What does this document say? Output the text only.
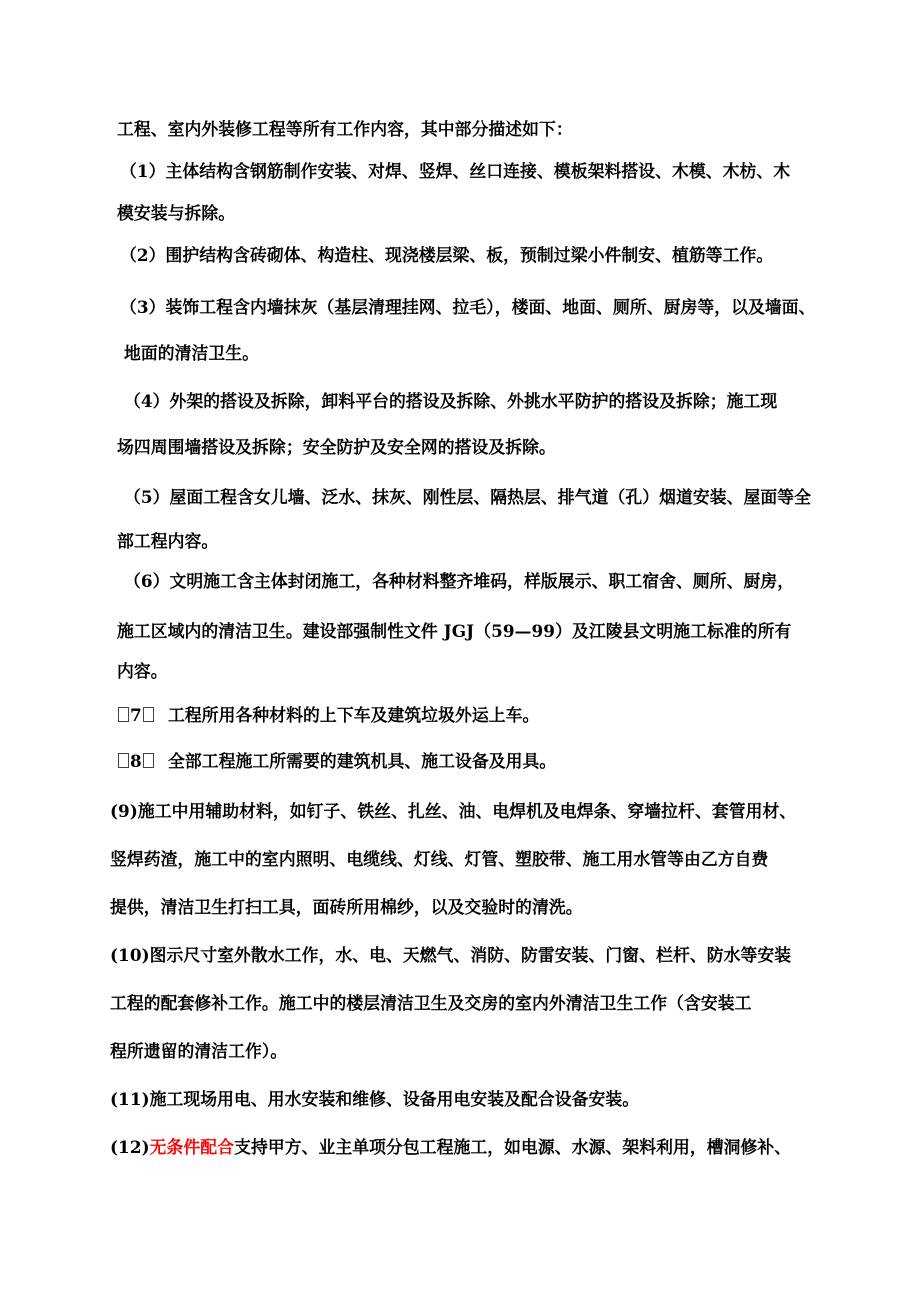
工程、室内外装修工程等所有工作内容，其中部分描述如下：
（1）主体结构含钢筋制作安装、对焊、竖焊、丝口连接、模板架料搭设、木模、木枋、木
模安装与拆除。
（2）围护结构含砖砌体、构造柱、现浇楼层梁、板，预制过梁小件制安、植筋等工作。
（3）装饰工程含内墙抹灰（基层清理挂网、拉毛），楼面、地面、厕所、厨房等，以及墙面、
地面的清洁卫生。
（4）外架的搭设及拆除，卸料平台的搭设及拆除、外挑水平防护的搭设及拆除；施工现
场四周围墙搭设及拆除；安全防护及安全网的搭设及拆除。
（5）屋面工程含女儿墙、泛水、抹灰、刚性层、隔热层、排气道（孔）烟道安装、屋面等全
部工程内容。
（6）文明施工含主体封闭施工，各种材料整齐堆码，样版展示、职工宿舍、厕所、厨房，
施工区域内的清洁卫生。建设部强制性文件 JGJ（59—99）及江陵县文明施工标准的所有
内容。
7	工程所用各种材料的上下车及建筑垃圾外运上车。
8	全部工程施工所需要的建筑机具、施工设备及用具。
(9)施工中用辅助材料，如钉子、铁丝、扎丝、油、电焊机及电焊条、穿墙拉杆、套管用材、
竖焊药渣，施工中的室内照明、电缆线、灯线、灯管、塑胶带、施工用水管等由乙方自费
提供，清洁卫生打扫工具，面砖所用棉纱，以及交验时的清洗。
(10)图示尺寸室外散水工作，水、电、天燃气、消防、防雷安装、门窗、栏杆、防水等安装
工程的配套修补工作。施工中的楼层清洁卫生及交房的室内外清洁卫生工作（含安装工
程所遗留的清洁工作）。
(11)施工现场用电、用水安装和维修、设备用电安装及配合设备安装。
(12)无条件配合支持甲方、业主单项分包工程施工，如电源、水源、架料利用，槽洞修补、
